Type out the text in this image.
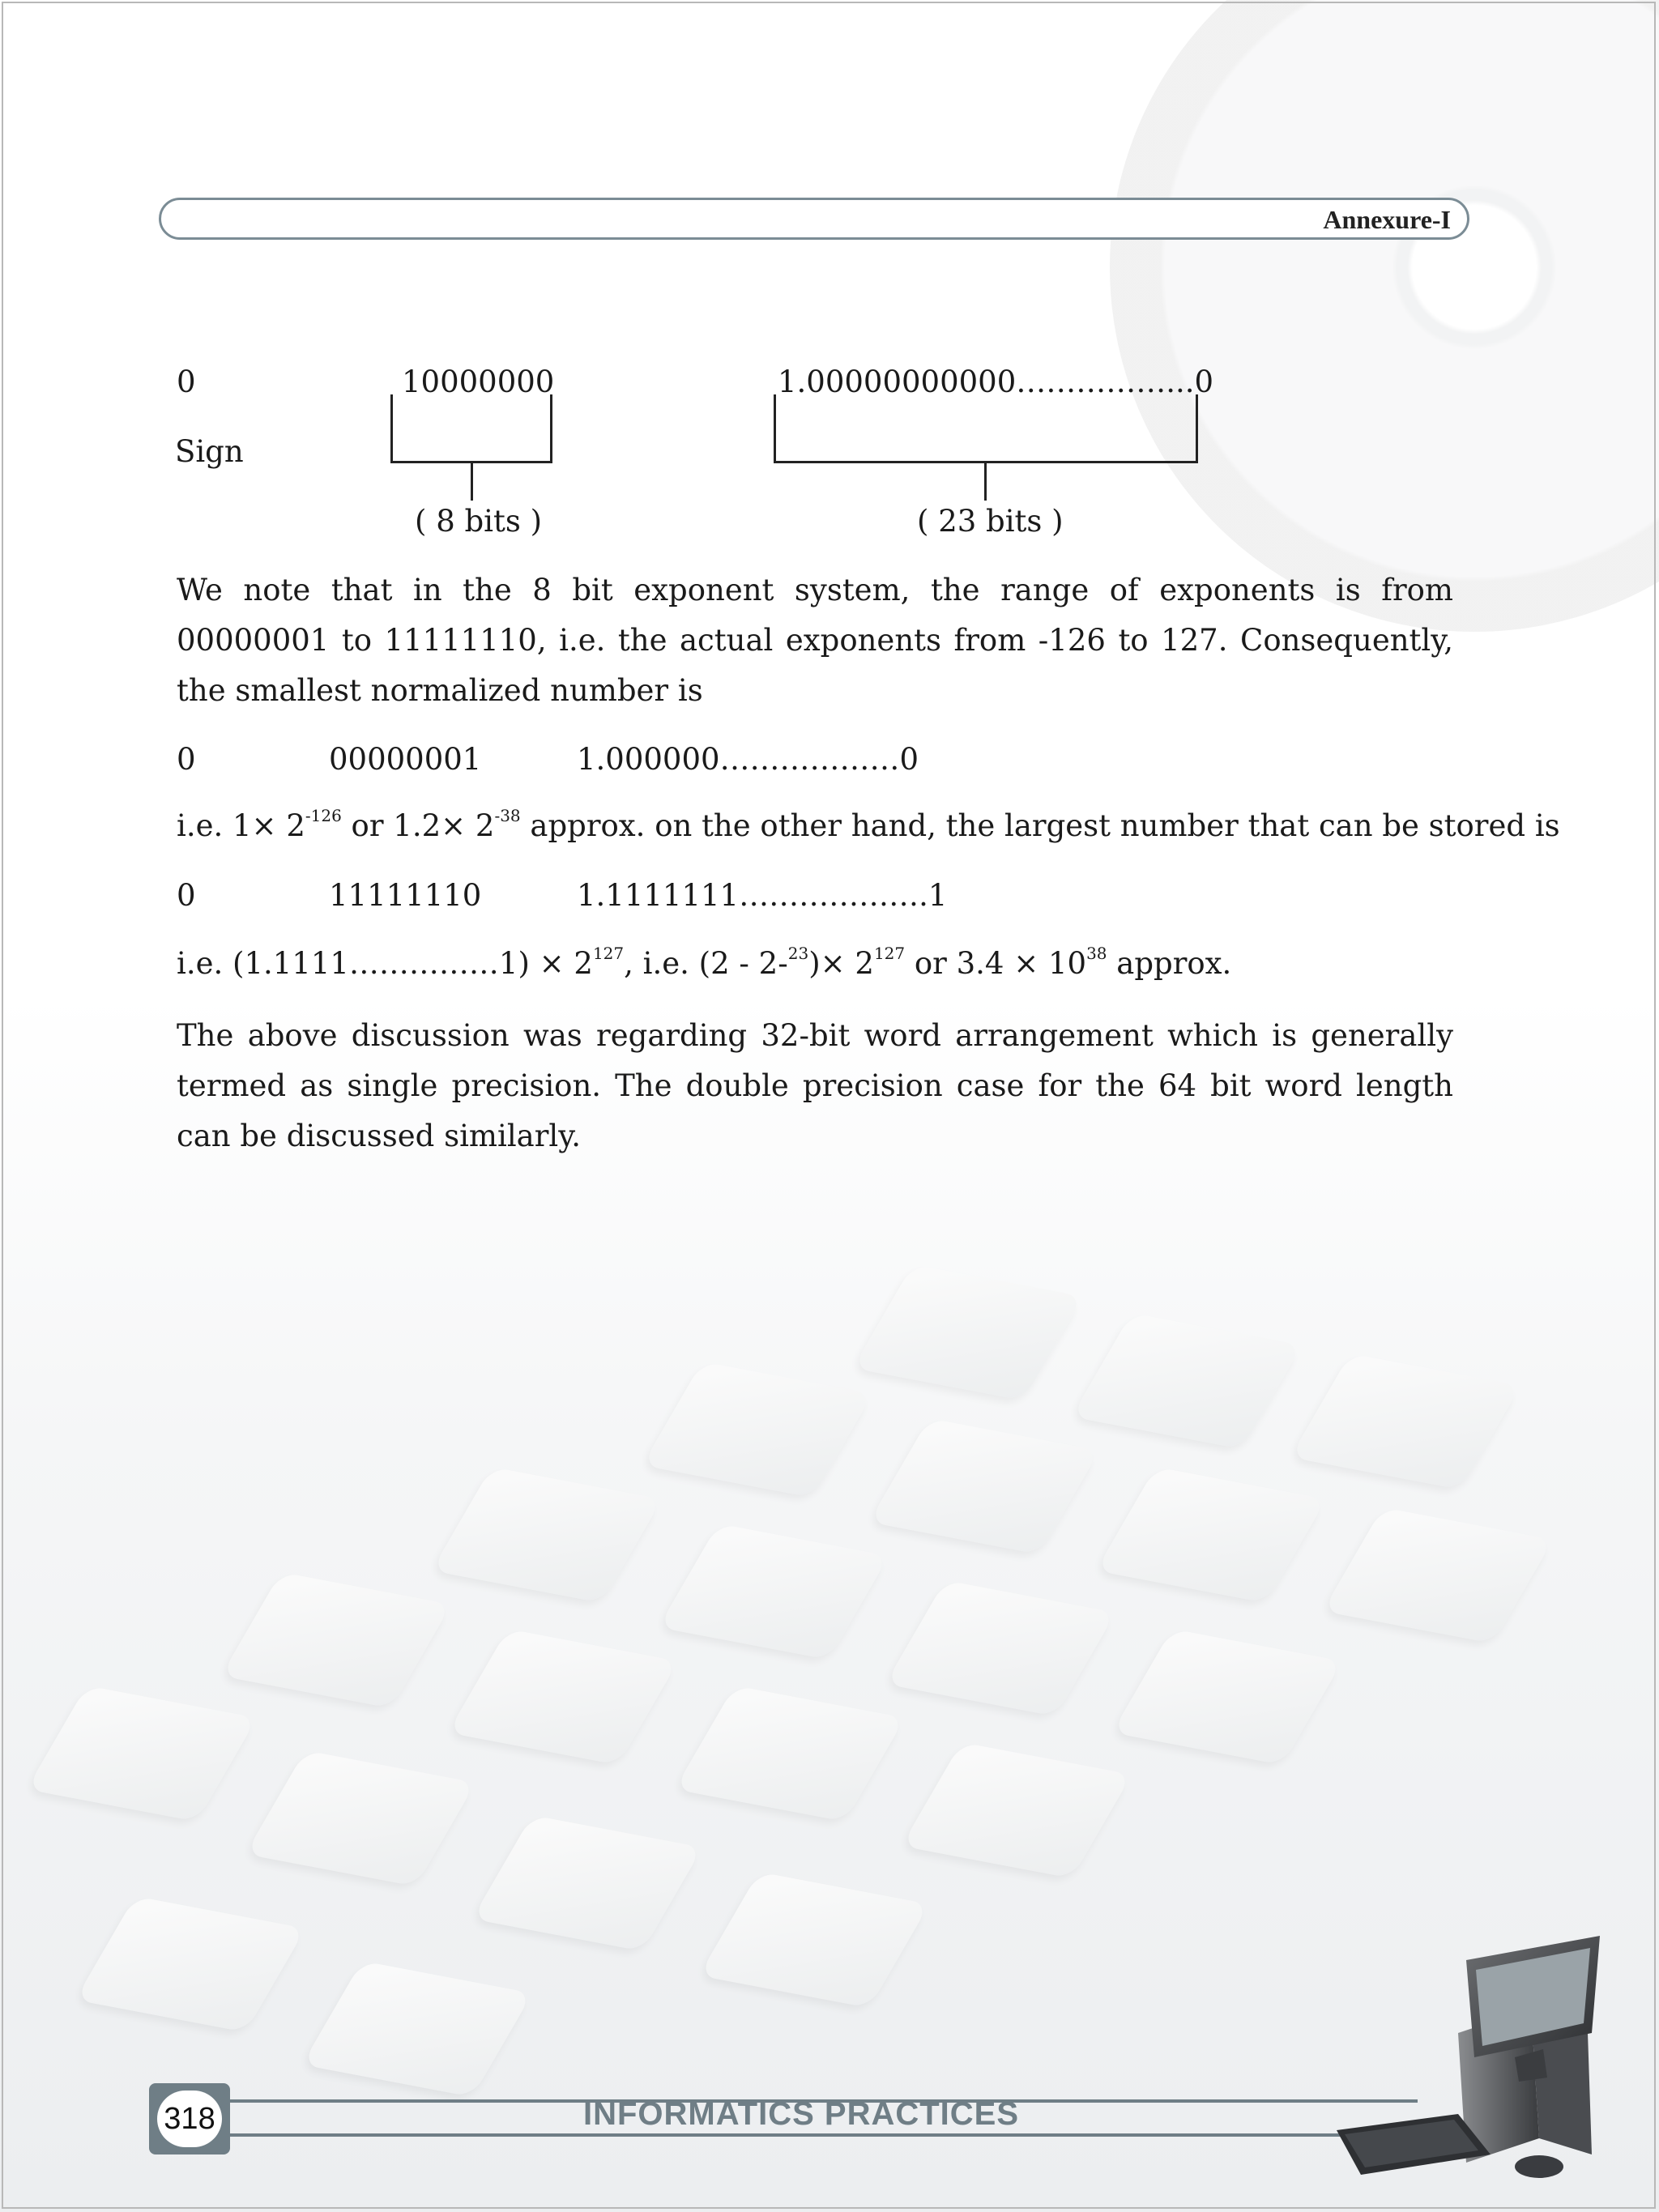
Annexure-I
0
Sign
10000000
( 8 bits )
1.00000000000……………...0
( 23 bits )
We note that in the 8 bit exponent system, the range of exponents is from 00000001 to 11111110, i.e. the actual exponents from -126 to 127. Consequently, the smallest normalized number is
0	00000001	1.000000………………0
i.e. $1\times 2^{-126}$ or $1.2\times 2^{-38}$ approx. on the other hand, the largest number that can be stored is
0	11111110	1.1111111……………….1
i.e. (1.1111……………1) × $2^{127}$, i.e. $(2 - 2-^{23})\times 2^{127}$ or $3.4 \times 10^{38}$ approx.
The above discussion was regarding 32-bit word arrangement which is generally termed as single precision. The double precision case for the 64 bit word length can be discussed similarly.
318	INFORMATICS PRACTICES
